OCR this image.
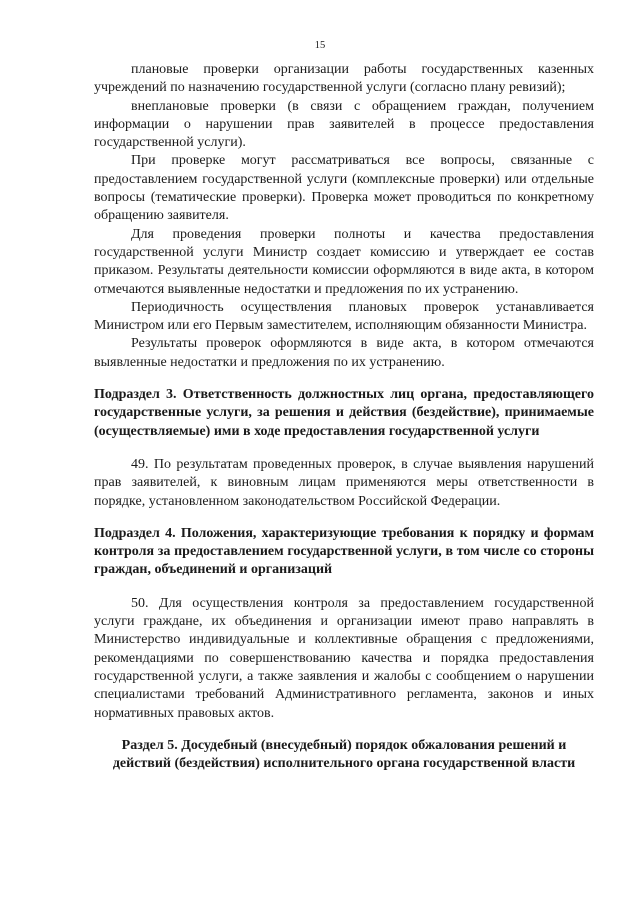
15

плановые проверки организации работы государственных казенных учреждений по назначению государственной услуги (согласно плану ревизий);

внеплановые проверки (в связи с обращением граждан, получением информации о нарушении прав заявителей в процессе предоставления государственной услуги).

При проверке могут рассматриваться все вопросы, связанные с предоставлением государственной услуги (комплексные проверки) или отдельные вопросы (тематические проверки). Проверка может проводиться по конкретному обращению заявителя.

Для проведения проверки полноты и качества предоставления государственной услуги Министр создает комиссию и утверждает ее состав приказом. Результаты деятельности комиссии оформляются в виде акта, в котором отмечаются выявленные недостатки и предложения по их устранению.

Периодичность осуществления плановых проверок устанавливается Министром или его Первым заместителем, исполняющим обязанности Министра.

Результаты проверок оформляются в виде акта, в котором отмечаются выявленные недостатки и предложения по их устранению.

Подраздел 3. Ответственность должностных лиц органа, предоставляющего государственные услуги, за решения и действия (бездействие), принимаемые (осуществляемые) ими в ходе предоставления государственной услуги

49. По результатам проведенных проверок, в случае выявления нарушений прав заявителей, к виновным лицам применяются меры ответственности в порядке, установленном законодательством Российской Федерации.

Подраздел 4. Положения, характеризующие требования к порядку и формам контроля за предоставлением государственной услуги, в том числе со стороны граждан, объединений и организаций

50. Для осуществления контроля за предоставлением государственной услуги граждане, их объединения и организации имеют право направлять в Министерство индивидуальные и коллективные обращения с предложениями, рекомендациями по совершенствованию качества и порядка предоставления государственной услуги, а также заявления и жалобы с сообщением о нарушении специалистами требований Административного регламента, законов и иных нормативных правовых актов.

Раздел 5. Досудебный (внесудебный) порядок обжалования решений и действий (бездействия) исполнительного органа государственной власти
